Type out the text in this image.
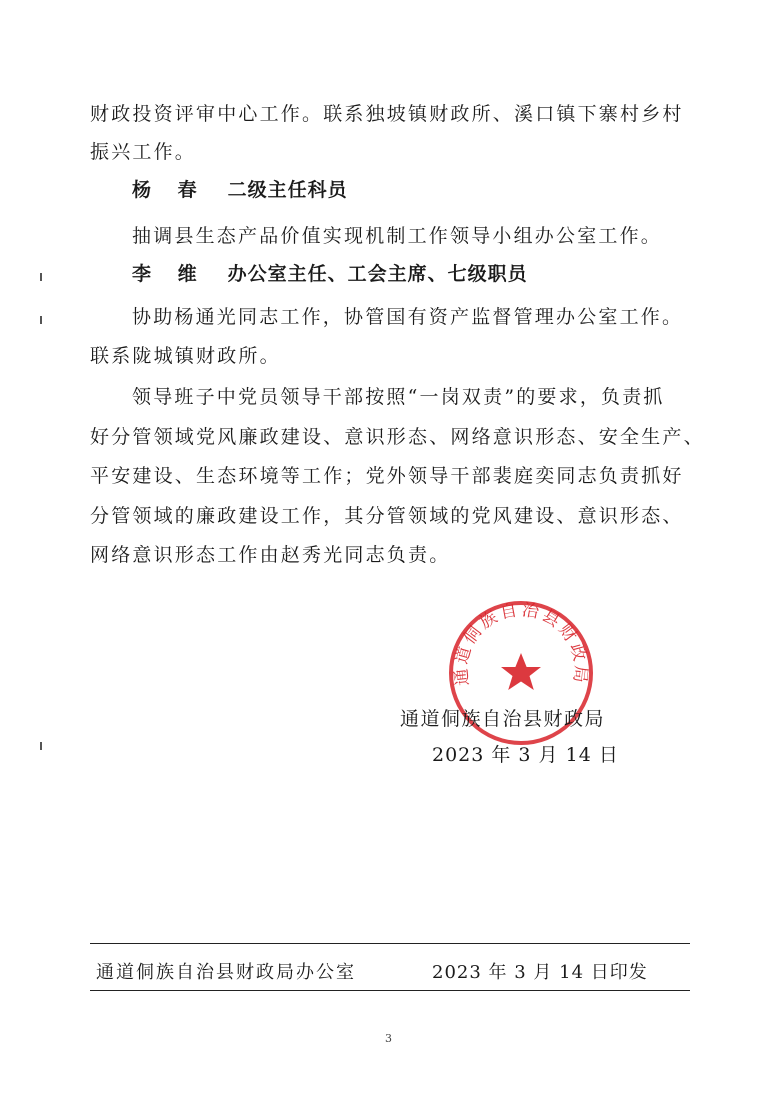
财政投资评审中心工作。联系独坡镇财政所、溪口镇下寨村乡村
振兴工作。
杨 春 二级主任科员
抽调县生态产品价值实现机制工作领导小组办公室工作。
李 维 办公室主任、工会主席、七级职员
协助杨通光同志工作，协管国有资产监督管理办公室工作。
联系陇城镇财政所。
领导班子中党员领导干部按照“一岗双责”的要求，负责抓
好分管领域党风廉政建设、意识形态、网络意识形态、安全生产、
平安建设、生态环境等工作；党外领导干部裴庭奕同志负责抓好
分管领域的廉政建设工作，其分管领域的党风建设、意识形态、
网络意识形态工作由赵秀光同志负责。
通道侗族自治县财政局
通道侗族自治县财政局
2023 年 3 月 14 日
通道侗族自治县财政局办公室	2023 年 3 月 14 日印发
3
